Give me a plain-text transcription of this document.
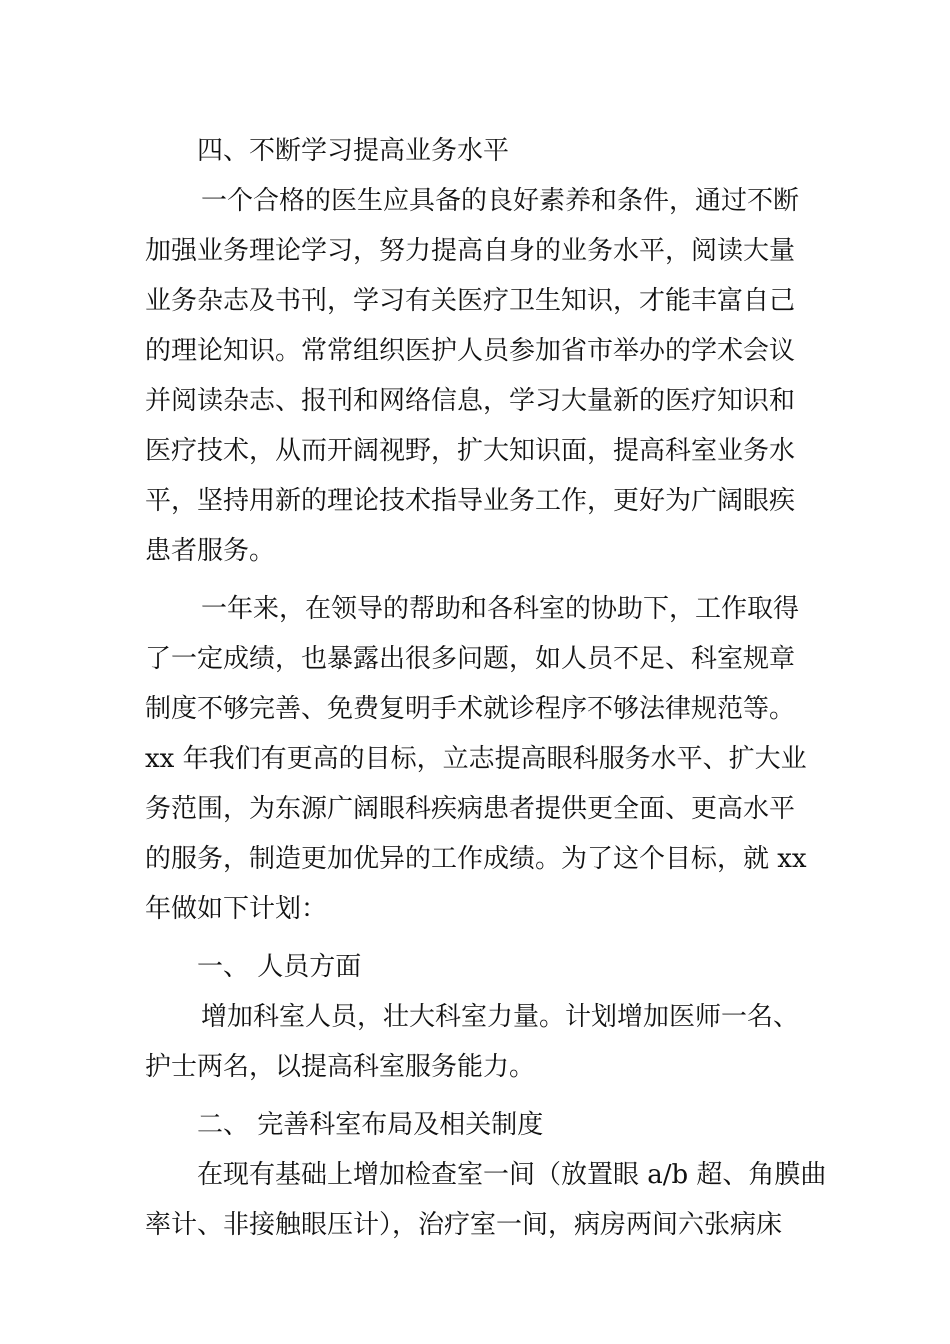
四、不断学习提高业务水平
一个合格的医生应具备的良好素养和条件，通过不断
加强业务理论学习，努力提高自身的业务水平，阅读大量
业务杂志及书刊，学习有关医疗卫生知识，才能丰富自己
的理论知识。常常组织医护人员参加省市举办的学术会议
并阅读杂志、报刊和网络信息，学习大量新的医疗知识和
医疗技术，从而开阔视野，扩大知识面，提高科室业务水
平，坚持用新的理论技术指导业务工作，更好为广阔眼疾
患者服务。
一年来，在领导的帮助和各科室的协助下，工作取得
了一定成绩，也暴露出很多问题，如人员不足、科室规章
制度不够完善、免费复明手术就诊程序不够法律规范等。
xx 年我们有更高的目标，立志提高眼科服务水平、扩大业
务范围，为东源广阔眼科疾病患者提供更全面、更高水平
的服务，制造更加优异的工作成绩。为了这个目标，就 xx
年做如下计划：
一、 人员方面
增加科室人员，壮大科室力量。计划增加医师一名、
护士两名，以提高科室服务能力。
二、 完善科室布局及相关制度
在现有基础上增加检查室一间（放置眼 a/b 超、角膜曲
率计、非接触眼压计），治疗室一间，病房两间六张病床
